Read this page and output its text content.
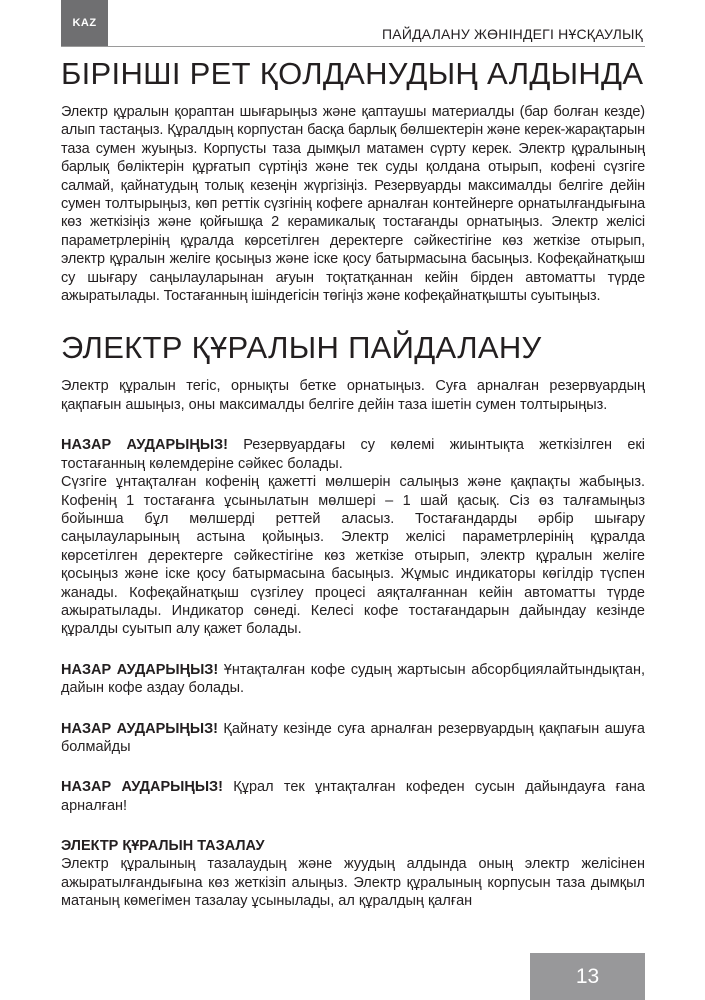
KAZ
ПАЙДАЛАНУ ЖӨНІНДЕГІ НҰСҚАУЛЫҚ
БІРІНШІ РЕТ ҚОЛДАНУДЫҢ АЛДЫНДА

Электр құралын қораптан шығарыңыз және қаптаушы материалды (бар болған кезде) алып тастаңыз. Құралдың корпустан басқа барлық бөлшектерін және керек-жарақтарын таза сумен жуыңыз. Корпусты таза дымқыл матамен сүрту керек. Электр құралының барлық бөліктерін құрғатып сүртіңіз және тек суды қолдана отырып, кофені сүзгіге салмай, қайнатудың толық кезеңін жүргізіңіз. Резервуарды максималды белгіге дейін сумен толтырыңыз, көп реттік сүзгінің кофеге арналған контейнерге орнатылғандығына көз жеткізіңіз және қойғышқа 2 керамикалық тостағанды орнатыңыз. Электр желісі параметрлерінің құралда көрсетілген деректерге сәйкестігіне көз жеткізе отырып, электр құралын желіге қосыңыз және іске қосу батырмасына басыңыз. Кофеқайнатқыш су шығару саңылауларынан ағуын тоқтатқаннан кейін бірден автоматты түрде ажыратылады. Тостағанның ішіндегісін төгіңіз және кофеқайнатқышты суытыңыз.

ЭЛЕКТР ҚҰРАЛЫН ПАЙДАЛАНУ

Электр құралын тегіс, орнықты бетке орнатыңыз. Суға арналған резервуардың қақпағын ашыңыз, оны максималды белгіге дейін таза ішетін сумен толтырыңыз.

НАЗАР АУДАРЫҢЫЗ! Резервуардағы су көлемі жиынтықта жеткізілген екі тостағанның көлемдеріне сәйкес болады.

Сүзгіге ұнтақталған кофенің қажетті мөлшерін салыңыз және қақпақты жабыңыз. Кофенің 1 тостағанға ұсынылатын мөлшері – 1 шай қасық. Сіз өз талғамыңыз бойынша бұл мөлшерді реттей аласыз. Тостағандарды әрбір шығару саңылауларының астына қойыңыз. Электр желісі параметрлерінің құралда көрсетілген деректерге сәйкестігіне көз жеткізе отырып, электр құралын желіге қосыңыз және іске қосу батырмасына басыңыз. Жұмыс индикаторы көгілдір түспен жанады. Кофеқайнатқыш сүзгілеу процесі аяқталғаннан кейін автоматты түрде ажыратылады. Индикатор сөнеді. Келесі кофе тостағандарын дайындау кезінде құралды суытып алу қажет болады.

НАЗАР АУДАРЫҢЫЗ! Ұнтақталған кофе судың жартысын абсорбциялайтындықтан, дайын кофе аздау болады.

НАЗАР АУДАРЫҢЫЗ! Қайнату кезінде суға арналған резервуардың қақпағын ашуға болмайды

НАЗАР АУДАРЫҢЫЗ! Құрал тек ұнтақталған кофеден сусын дайындауға ғана арналған!

ЭЛЕКТР ҚҰРАЛЫН ТАЗАЛАУ

Электр құралының тазалаудың және жуудың алдында оның электр желісінен ажыратылғандығына көз жеткізіп алыңыз. Электр құралының корпусын таза дымқыл матаның көмегімен тазалау ұсынылады, ал құралдың қалған

13
